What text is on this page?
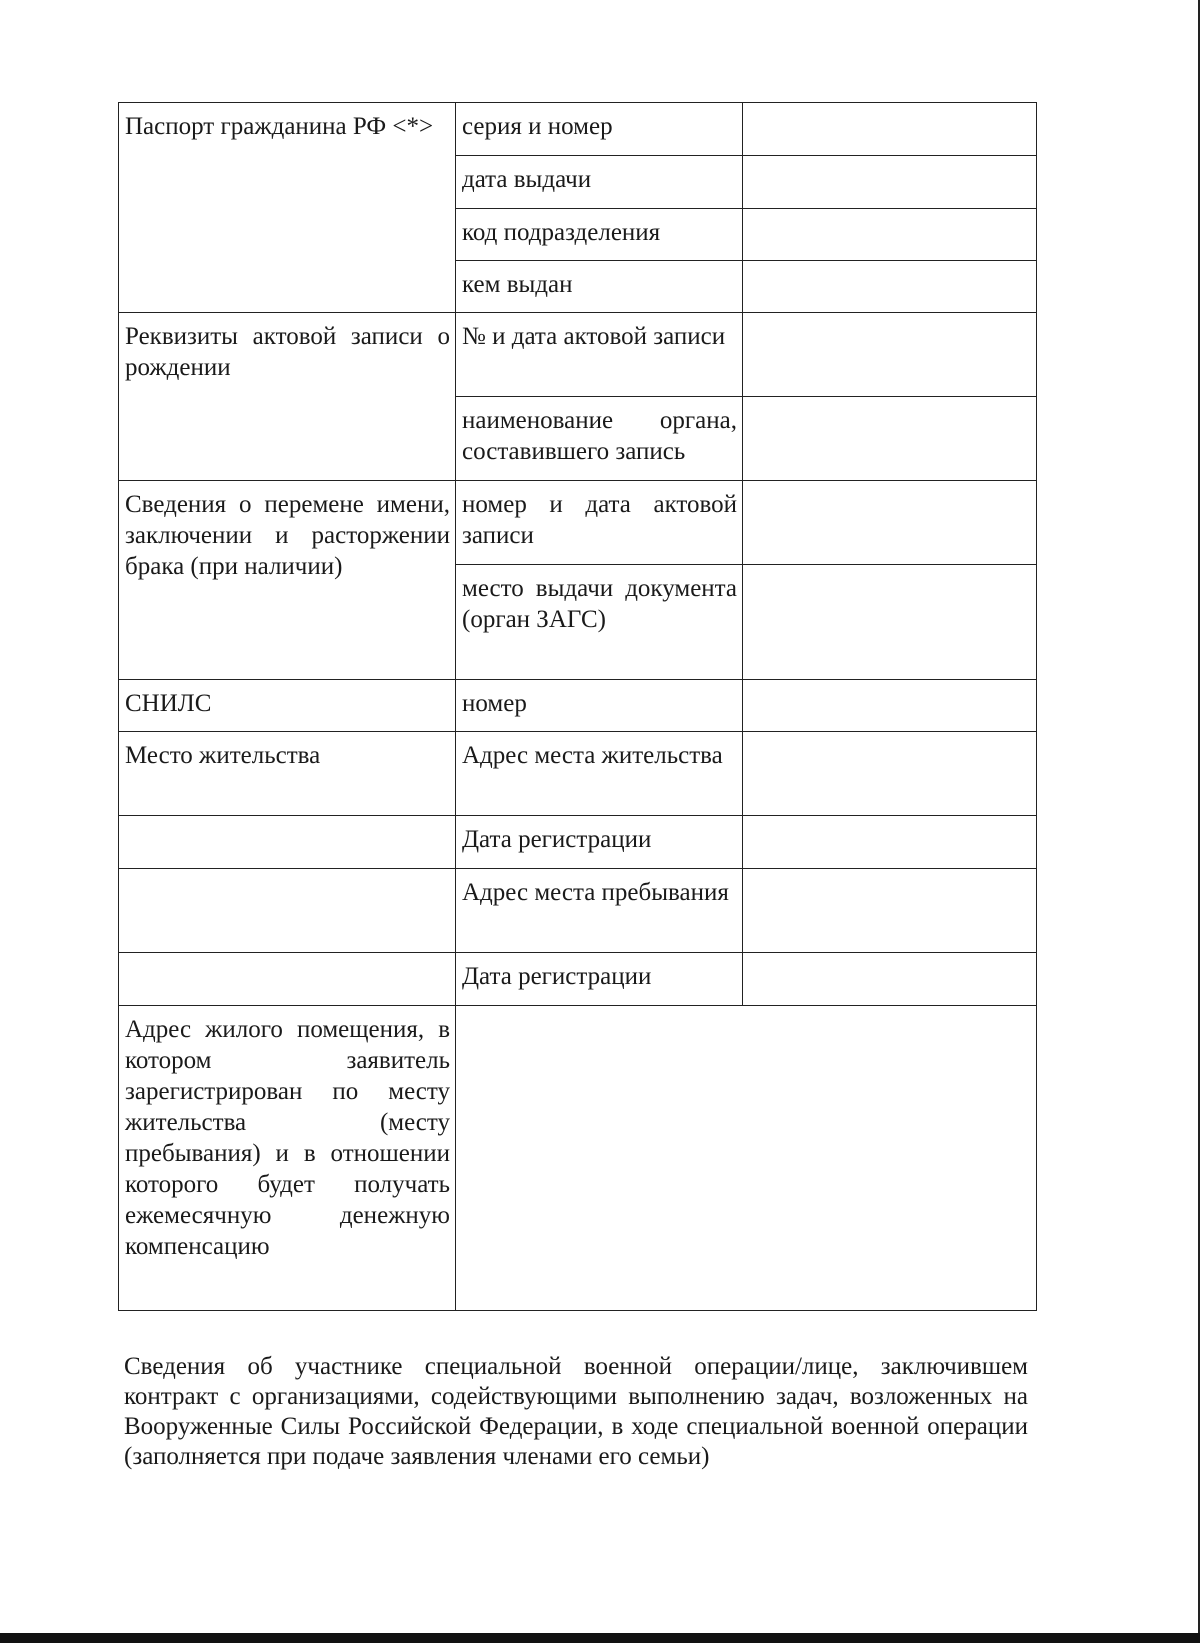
Паспорт гражданина РФ <*>	серия и номер	
	дата выдачи	
	код подразделения	
	кем выдан	
Реквизиты актовой записи о рождении	№ и дата актовой записи	
	наименование органа, составившего запись	
Сведения о перемене имени, заключении и расторжении брака (при наличии)	номер и дата актовой записи	
	место выдачи документа (орган ЗАГС)	
СНИЛС	номер	
Место жительства	Адрес места жительства	
	Дата регистрации	
	Адрес места пребывания	
	Дата регистрации	
Адрес жилого помещения, в котором заявитель зарегистрирован по месту жительства (месту пребывания) и в отношении которого будет получать ежемесячную денежную компенсацию		

Сведения об участнике специальной военной операции/лице, заключившем контракт с организациями, содействующими выполнению задач, возложенных на Вооруженные Силы Российской Федерации, в ходе специальной военной операции (заполняется при подаче заявления членами его семьи)
